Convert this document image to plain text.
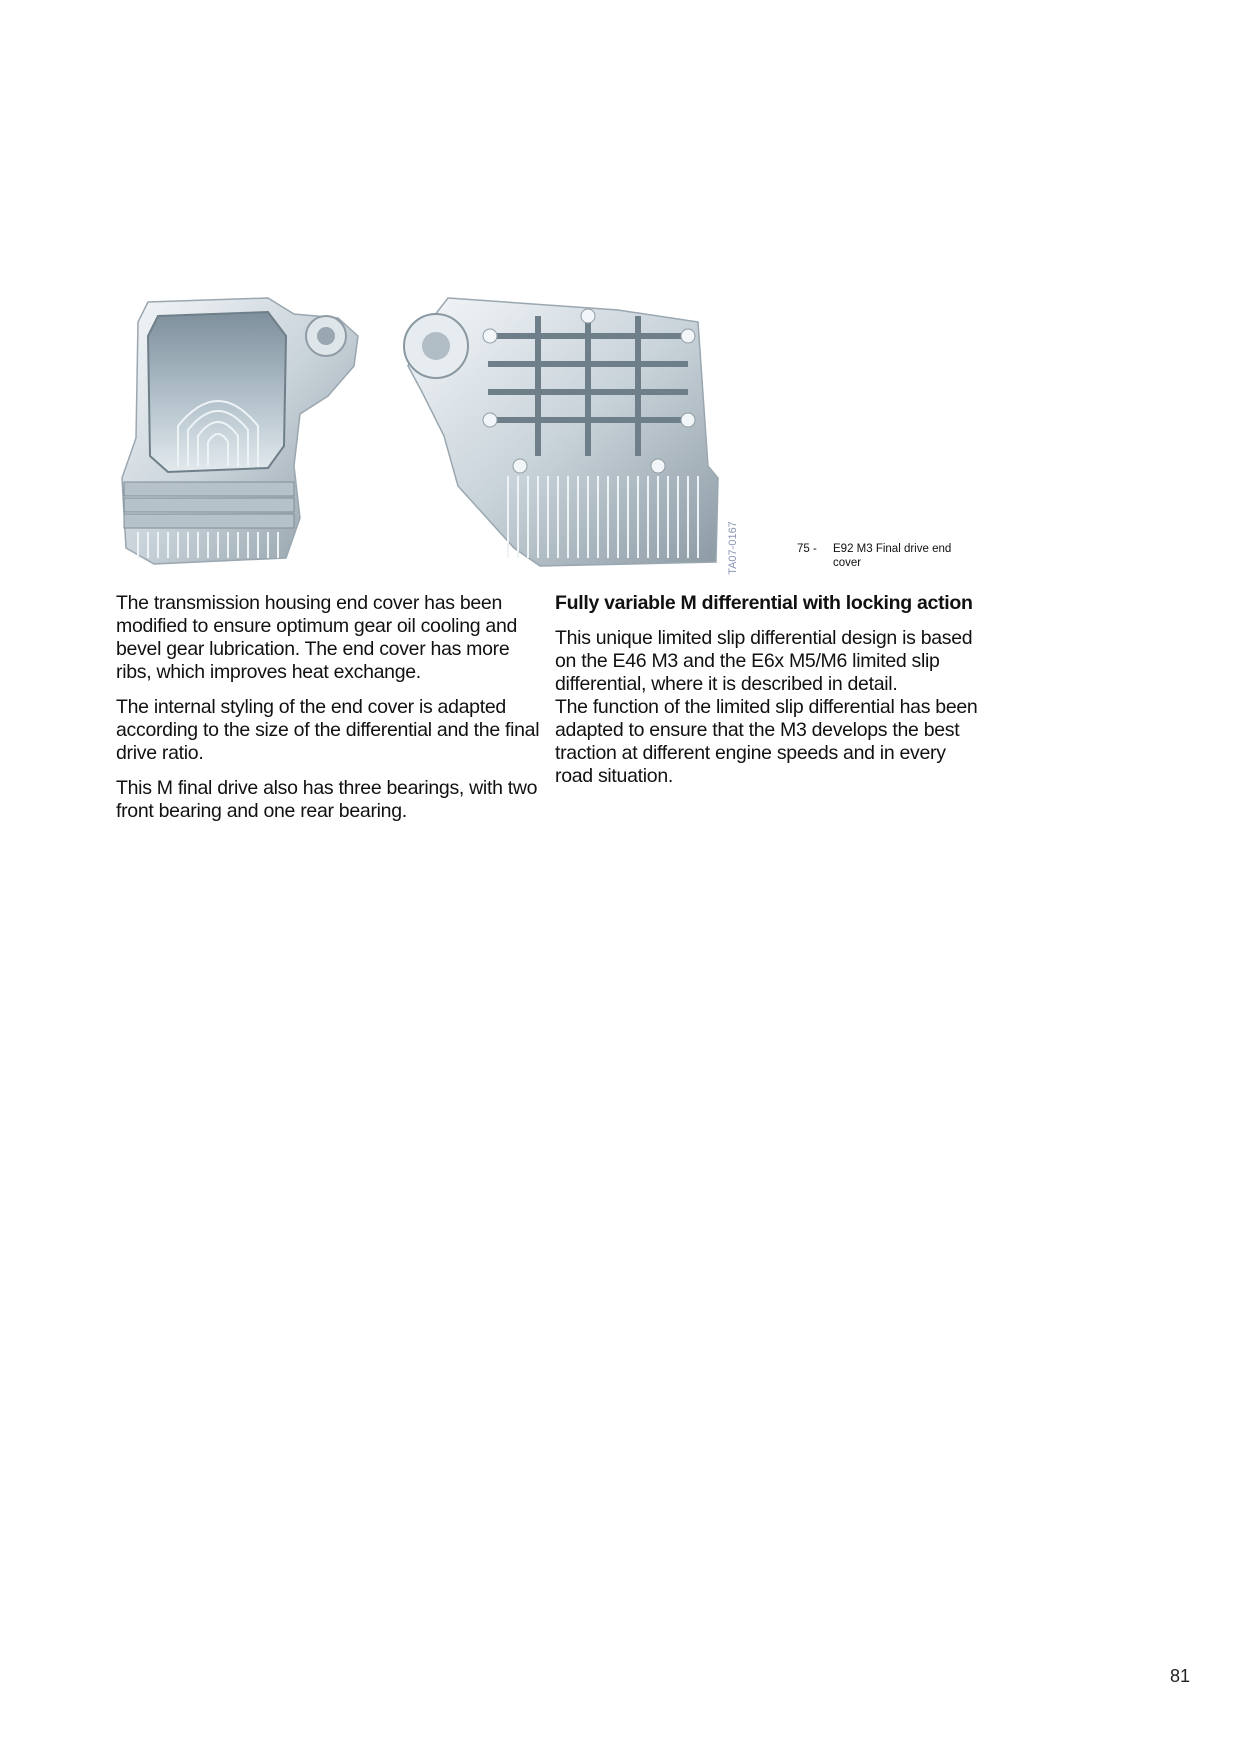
TA07-0167	75 -	E92 M3 Final drive end cover

The transmission housing end cover has been modified to ensure optimum gear oil cooling and bevel gear lubrication. The end cover has more ribs, which improves heat exchange.

The internal styling of the end cover is adapted according to the size of the differential and the final drive ratio.

This M final drive also has three bearings, with two front bearing and one rear bearing.

Fully variable M differential with locking action

This unique limited slip differential design is based on the E46 M3 and the E6x M5/M6 limited slip differential, where it is described in detail.

The function of the limited slip differential has been adapted to ensure that the M3 develops the best traction at different engine speeds and in every road situation.

81
